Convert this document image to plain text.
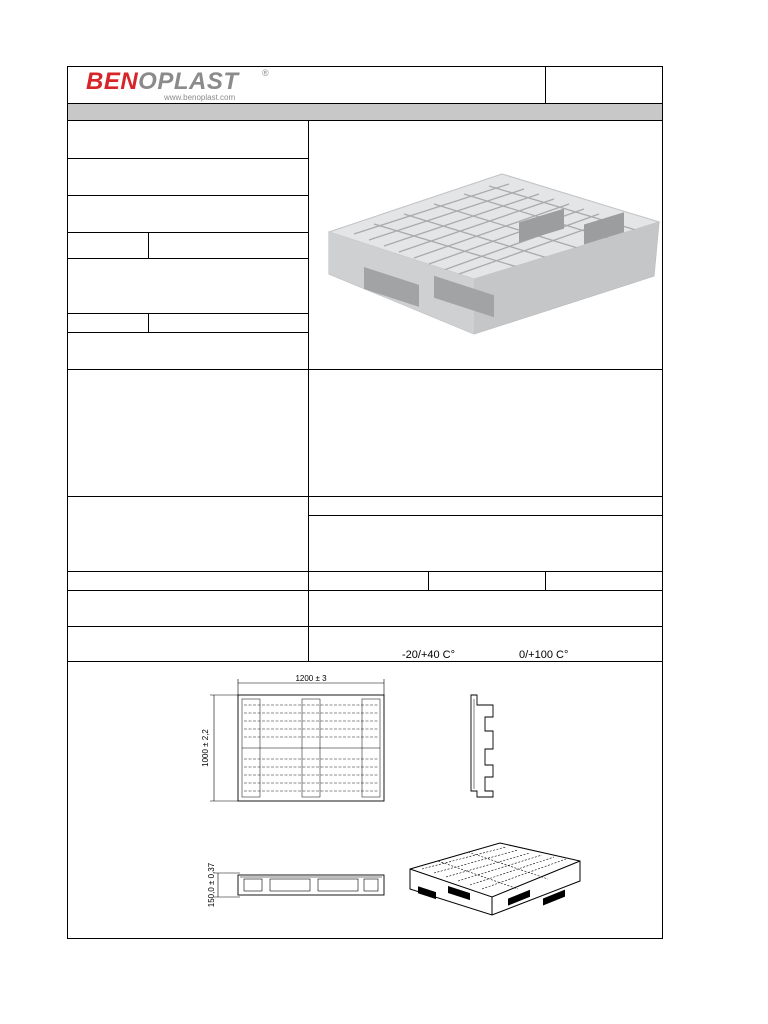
BENOPLAST	®
www.benoplast.com
-20/+40 C°	0/+100 C°
1200 ± 3
1000 ± 2,2
150,0 ± 0,37
